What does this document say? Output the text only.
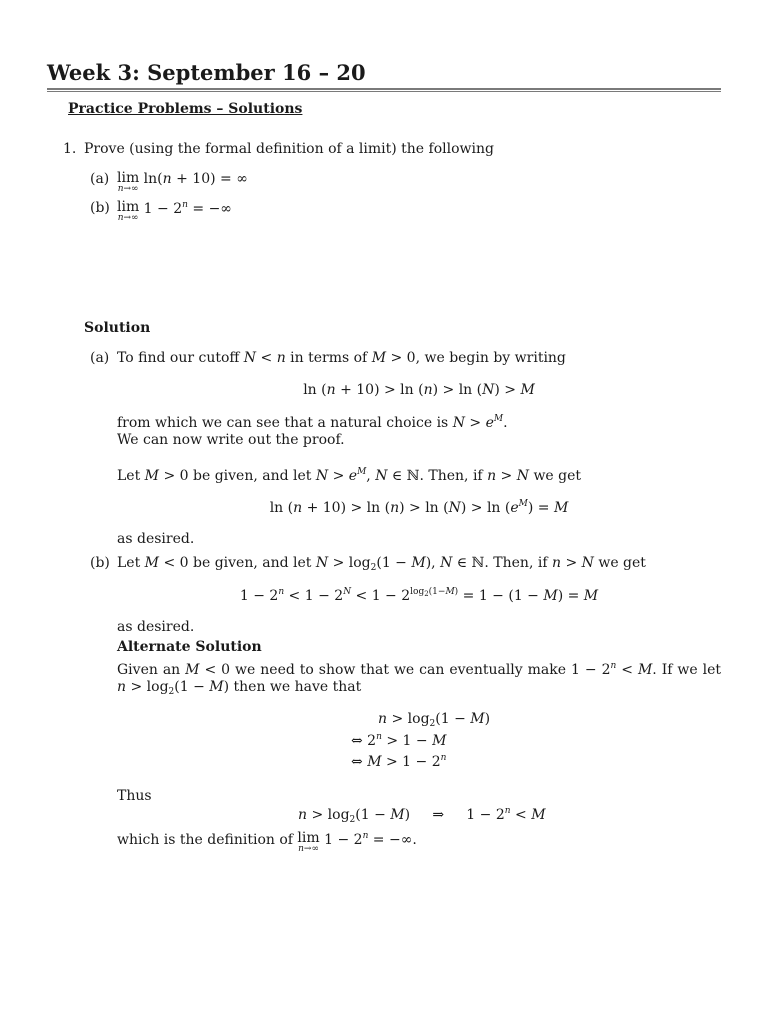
Week 3: September 16 – 20
Practice Problems – Solutions
1. Prove (using the formal definition of a limit) the following
(a) lim
n→∞
ln(n + 10) = ∞
(b) lim
n→∞
$1 - 2^n$ = −∞
Solution
(a) To find our cutoff N < n in terms of M > 0, we begin by writing
ln (n + 10) > ln (n) > ln (N) > M
from which we can see that a natural choice is $N > e^M$.
We can now write out the proof.
Let M > 0 be given, and let $N > e^M$, N ∈ ℕ. Then, if n > N we get
$\ln (n + 10) > \ln (n) > \ln (N) > \ln (e^M) = M$
as desired.
(b) Let M < 0 be given, and let $N > \log_2(1 - M)$, N ∈ ℕ. Then, if n > N we get
$1 - 2^n < 1 - 2^N < 1 - 2^{log_2(1-M)} = 1 - (1 - M) = M$
as desired.
Alternate Solution
Given an M < 0 we need to show that we can eventually make $1 - 2^n < M$. If we let
$n > \log_2(1 - M)$ then we have that
$n > \log_2(1 - M)$
⇔ $2^n > 1 - M$
⇔ $M > 1 - 2^n$
Thus
$n > \log_2(1 - M)$     ⇒     $1 - 2^n < M$
which is the definition of lim
n→∞
$1 - 2^n$ = −∞.
